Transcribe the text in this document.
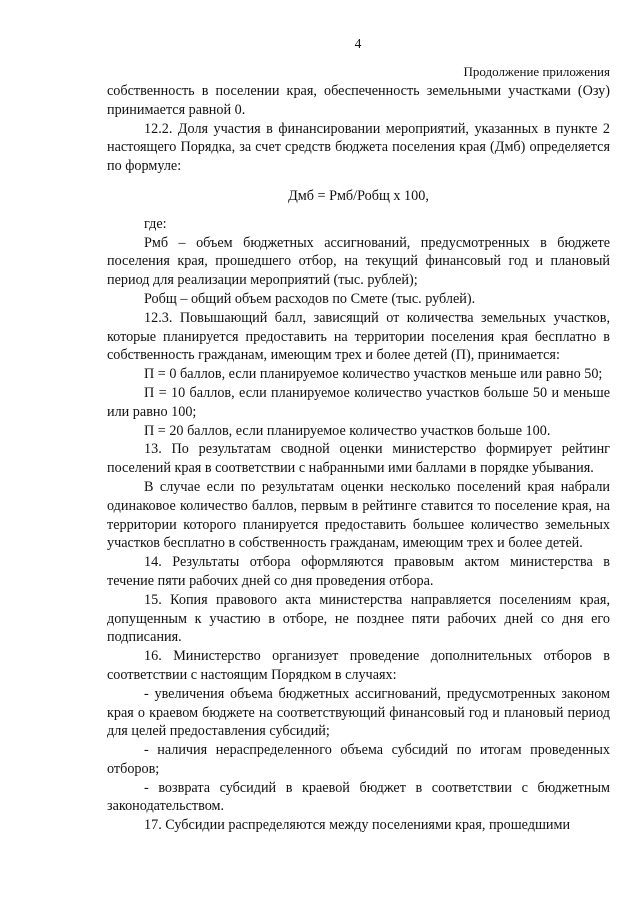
4
Продолжение приложения

собственность в поселении края, обеспеченность земельными участками (Озу) принимается равной 0.

12.2. Доля участия в финансировании мероприятий, указанных в пункте 2 настоящего Порядка, за счет средств бюджета поселения края (Дмб) определяется по формуле:

Дмб = Рмб/Робщ х 100,

где:

Рмб – объем бюджетных ассигнований, предусмотренных в бюджете поселения края, прошедшего отбор, на текущий финансовый год и плановый период для реализации мероприятий (тыс. рублей);

Робщ – общий объем расходов по Смете (тыс. рублей).

12.3. Повышающий балл, зависящий от количества земельных участков, которые планируется предоставить на территории поселения края бесплатно в собственность гражданам, имеющим трех и более детей (П), принимается:

П = 0 баллов, если планируемое количество участков меньше или равно 50;

П = 10 баллов, если планируемое количество участков больше 50 и меньше или равно 100;

П = 20 баллов, если планируемое количество участков больше 100.

13. По результатам сводной оценки министерство формирует рейтинг поселений края в соответствии с набранными ими баллами в порядке убывания.

В случае если по результатам оценки несколько поселений края набрали одинаковое количество баллов, первым в рейтинге ставится то поселение края, на территории которого планируется предоставить большее количество земельных участков бесплатно в собственность гражданам, имеющим трех и более детей.

14. Результаты отбора оформляются правовым актом министерства в течение пяти рабочих дней со дня проведения отбора.

15. Копия правового акта министерства направляется поселениям края, допущенным к участию в отборе, не позднее пяти рабочих дней со дня его подписания.

16. Министерство организует проведение дополнительных отборов в соответствии с настоящим Порядком в случаях:

- увеличения объема бюджетных ассигнований, предусмотренных законом края о краевом бюджете на соответствующий финансовый год и плановый период для целей предоставления субсидий;

- наличия нераспределенного объема субсидий по итогам проведенных отборов;

- возврата субсидий в краевой бюджет в соответствии с бюджетным законодательством.

17. Субсидии распределяются между поселениями края, прошедшими
